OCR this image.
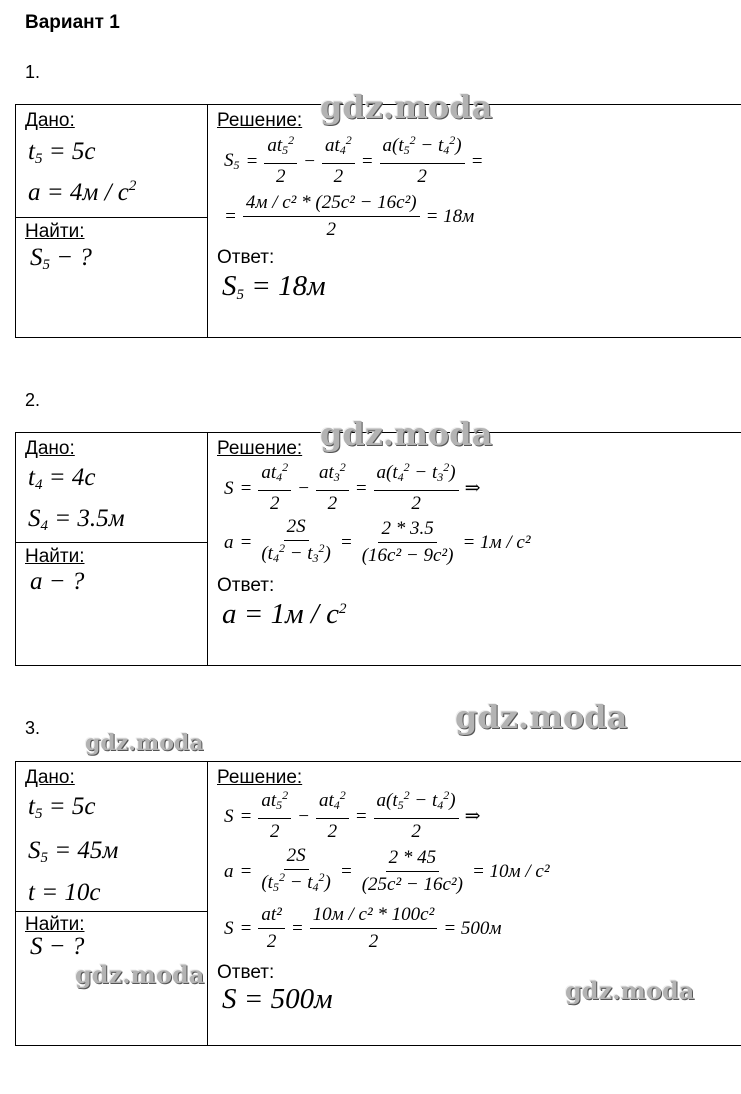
Вариант 1
1.
Дано:
$t_5 = 5c$
$a = 4м / c^2$
Найти:
$S_5$ − ?
Решение:
$S_5 = \frac{at_5^2}{2} - \frac{at_4^2}{2} = \frac{a(t_5^2 - t_4^2)}{2}$ =
= $\frac{\text{4м / c² * (25c² − 16c²)}}{2} = 18м$
Ответ:
$S_5 = 18м$
2.
Дано:
$t_4 = 4c$
$S_4 = 3.5м$
Найти:
a − ?
Решение:
$S = \frac{at_4^2}{2} - \frac{at_3^2}{2} = \frac{a(t_4^2 - t_3^2)}{2}$ ⇒
$a = \frac{2S}{(t_4^2 - t_3^2)} = \frac{2 * 3.5}{\text{(16c² − 9c²)}} = 1м / c^2$
Ответ:
$a = 1м / c^2$
3.
Дано:
$t_5 = 5c$
$S_5 = 45м$
t = 10c
Найти:
S − ?
Решение:
$S = \frac{at_5^2}{2} - \frac{at_4^2}{2} = \frac{a(t_5^2 - t_4^2)}{2}$ ⇒
$a = \frac{2S}{(t_5^2 - t_4^2)} = \frac{2 * 45}{\text{(25c² − 16c²)}} = 10м / c^2$
$S = \frac{\text{at²}}{2} = \frac{\text{10м / c² * 100c²}}{2} = 500м$
Ответ:
S = 500м
gdz.moda
gdz.moda
gdz.moda
gdz.moda
gdz.moda
gdz.moda
